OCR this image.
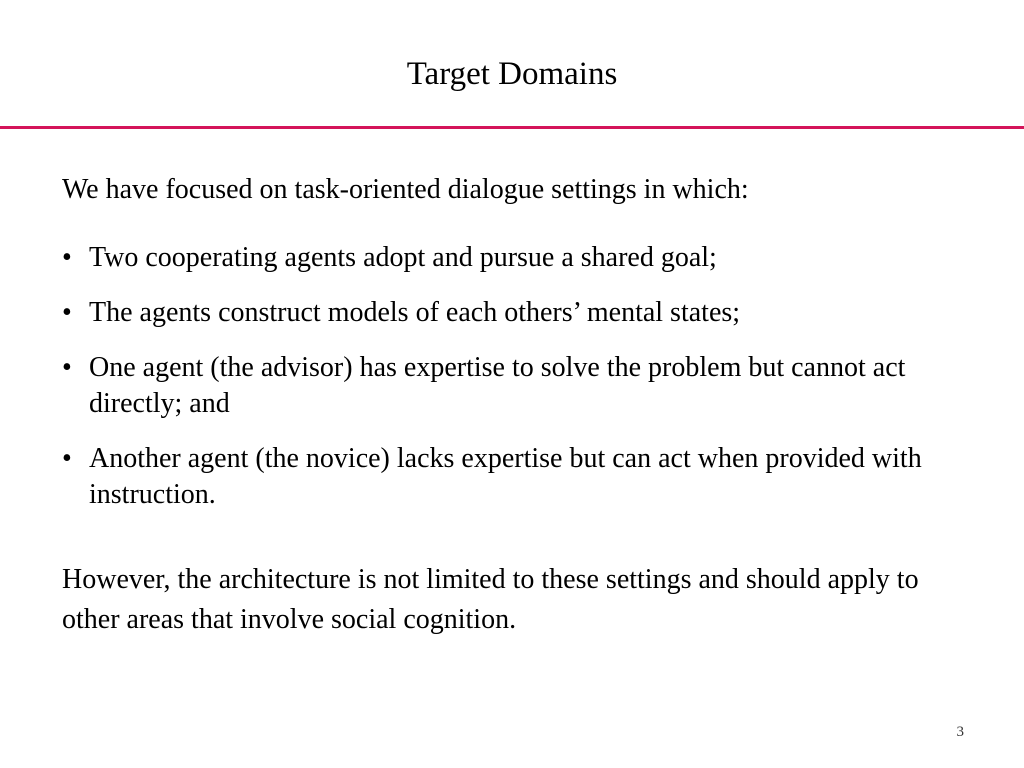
Target Domains

We have focused on task-oriented dialogue settings in which:

• Two cooperating agents adopt and pursue a shared goal;
• The agents construct models of each others’ mental states;
• One agent (the advisor) has expertise to solve the problem but cannot act directly; and
• Another agent (the novice) lacks expertise but can act when provided with instruction.

However, the architecture is not limited to these settings and should apply to other areas that involve social cognition.

3
